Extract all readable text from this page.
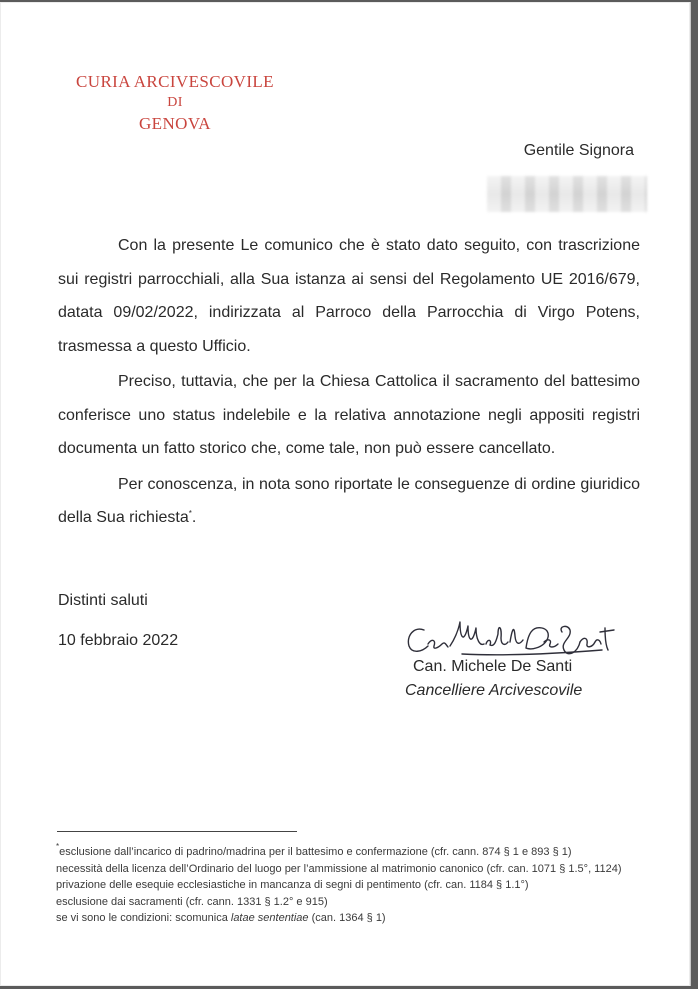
CURIA ARCIVESCOVILE
DI
GENOVA
Gentile Signora

Con la presente Le comunico che è stato dato seguito, con trascrizione sui registri parrocchiali, alla Sua istanza ai sensi del Regolamento UE 2016/679, datata 09/02/2022, indirizzata al Parroco della Parrocchia di Virgo Potens, trasmessa a questo Ufficio.

Preciso, tuttavia, che per la Chiesa Cattolica il sacramento del battesimo conferisce uno status indelebile e la relativa annotazione negli appositi registri documenta un fatto storico che, come tale, non può essere cancellato.

Per conoscenza, in nota sono riportate le conseguenze di ordine giuridico della Sua richiesta*.

Distinti saluti
10 febbraio 2022
Can. Michele De Santi
Cancelliere Arcivescovile
*esclusione dall’incarico di padrino/madrina per il battesimo e confermazione (cfr. cann. 874 § 1 e 893 § 1)
necessità della licenza dell’Ordinario del luogo per l’ammissione al matrimonio canonico (cfr. can. 1071 § 1.5°, 1124)
privazione delle esequie ecclesiastiche in mancanza di segni di pentimento (cfr. can. 1184 § 1.1°)
esclusione dai sacramenti (cfr. cann. 1331 § 1.2° e 915)
se vi sono le condizioni: scomunica latae sententiae (can. 1364 § 1)
